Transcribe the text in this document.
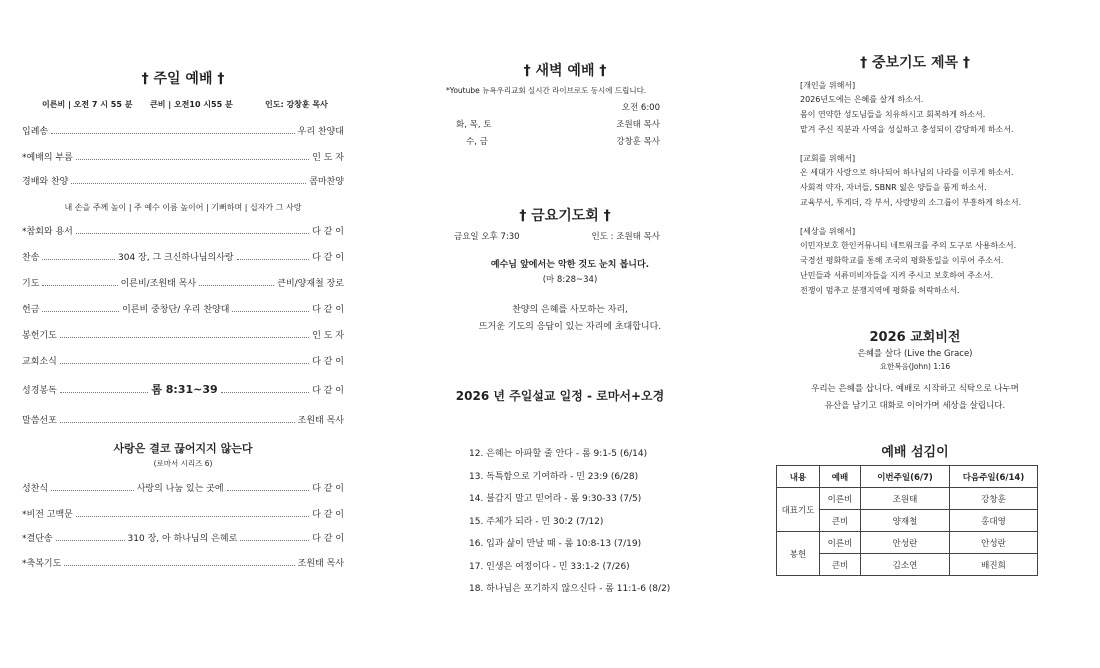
† 주일 예배 †
이른비 | 오전 7 시 55 분 큰비 | 오전10 시55 분	인도: 강창훈 목사
입례송	우리 찬양대
*예배의 부름	인 도 자
경배와 찬양	콤마찬양
내 손을 주께 높이 | 주 예수 이름 높이어 | 기뻐하며 | 십자가 그 사랑
*참회와 용서	다 같 이
찬송	304 장, 그 크신하나님의사랑	다 같 이
기도	이른비/조원태 목사	큰비/양재철 장로
헌금	이른비 중창단/ 우리 찬양대	다 같 이
봉헌기도	인 도 자
교회소식	다 같 이
성경봉독	롬 8:31~39	다 같 이
말씀선포	조원태 목사
사랑은 결코 끊어지지 않는다
(로마서 시리즈 6)
성찬식	사랑의 나눔 있는 곳에	다 같 이
*비전 고백문	다 같 이
*결단송	310 장, 아 하나님의 은혜로	다 같 이
*축복기도	조원태 목사
† 새벽 예배 †
*Youtube 뉴욕우리교회 실시간 라이브로도 동시에 드립니다.
오전 6:00
화, 목, 토	조원태 목사
수, 금	강창훈 목사
† 금요기도회 †
금요일 오후 7:30	인도 : 조원태 목사
예수님 앞에서는 악한 것도 눈치 봅니다.
(마 8:28~34)
찬양의 은혜를 사모하는 자리,
뜨거운 기도의 응답이 있는 자리에 초대합니다.
2026 년 주일설교 일정 - 로마서+오경
12. 은혜는 아파할 줄 안다 - 롬 9:1-5 (6/14)
13. 독특함으로 기여하라 - 민 23:9 (6/28)
14. 불감지 말고 믿어라 - 롬 9:30-33 (7/5)
15. 주체가 되라 - 민 30:2 (7/12)
16. 입과 삶이 만날 때 - 롬 10:8-13 (7/19)
17. 인생은 여정이다 - 민 33:1-2 (7/26)
18. 하나님은 포기하지 않으신다 - 롬 11:1-6 (8/2)
† 중보기도 제목 †
[개인을 위해서]
2026년도에는 은혜를 살게 하소서.
몸이 연약한 성도님들을 치유하시고 회복하게 하소서.
맡겨 주신 직분과 사역을 성실하고 충성되이 감당하게 하소서.
[교회를 위해서]
온 세대가 사랑으로 하나되어 하나님의 나라를 이루게 하소서.
사회적 약자, 자녀들, SBNR 잃은 양들을 품게 하소서.
교육부서, 투게더, 각 부서, 사랑방의 소그룹이 부흥하게 하소서.
[세상을 위해서]
이민자보호 한인커뮤니티 네트워크를 주의 도구로 사용하소서.
국경선 평화학교를 통해 조국의 평화통일을 이루어 주소서.
난민들과 서류미비자들을 지켜 주시고 보호하여 주소서.
전쟁이 멈추고 분쟁지역에 평화를 허락하소서.
2026 교회비전
은혜를 살다 (Live the Grace)
요한복음(John) 1:16
우리는 은혜를 삽니다. 예배로 시작하고 식탁으로 나누며
유산을 남기고 대화로 이어가며 세상을 살립니다.
예배 섬김이
내용	예배	이번주일(6/7)	다음주일(6/14)
대표기도	이른비	조원태	강창훈
	큰비	양재철	홍대영
봉헌	이른비	안성란	안성란
	큰비	김소연	배진희
